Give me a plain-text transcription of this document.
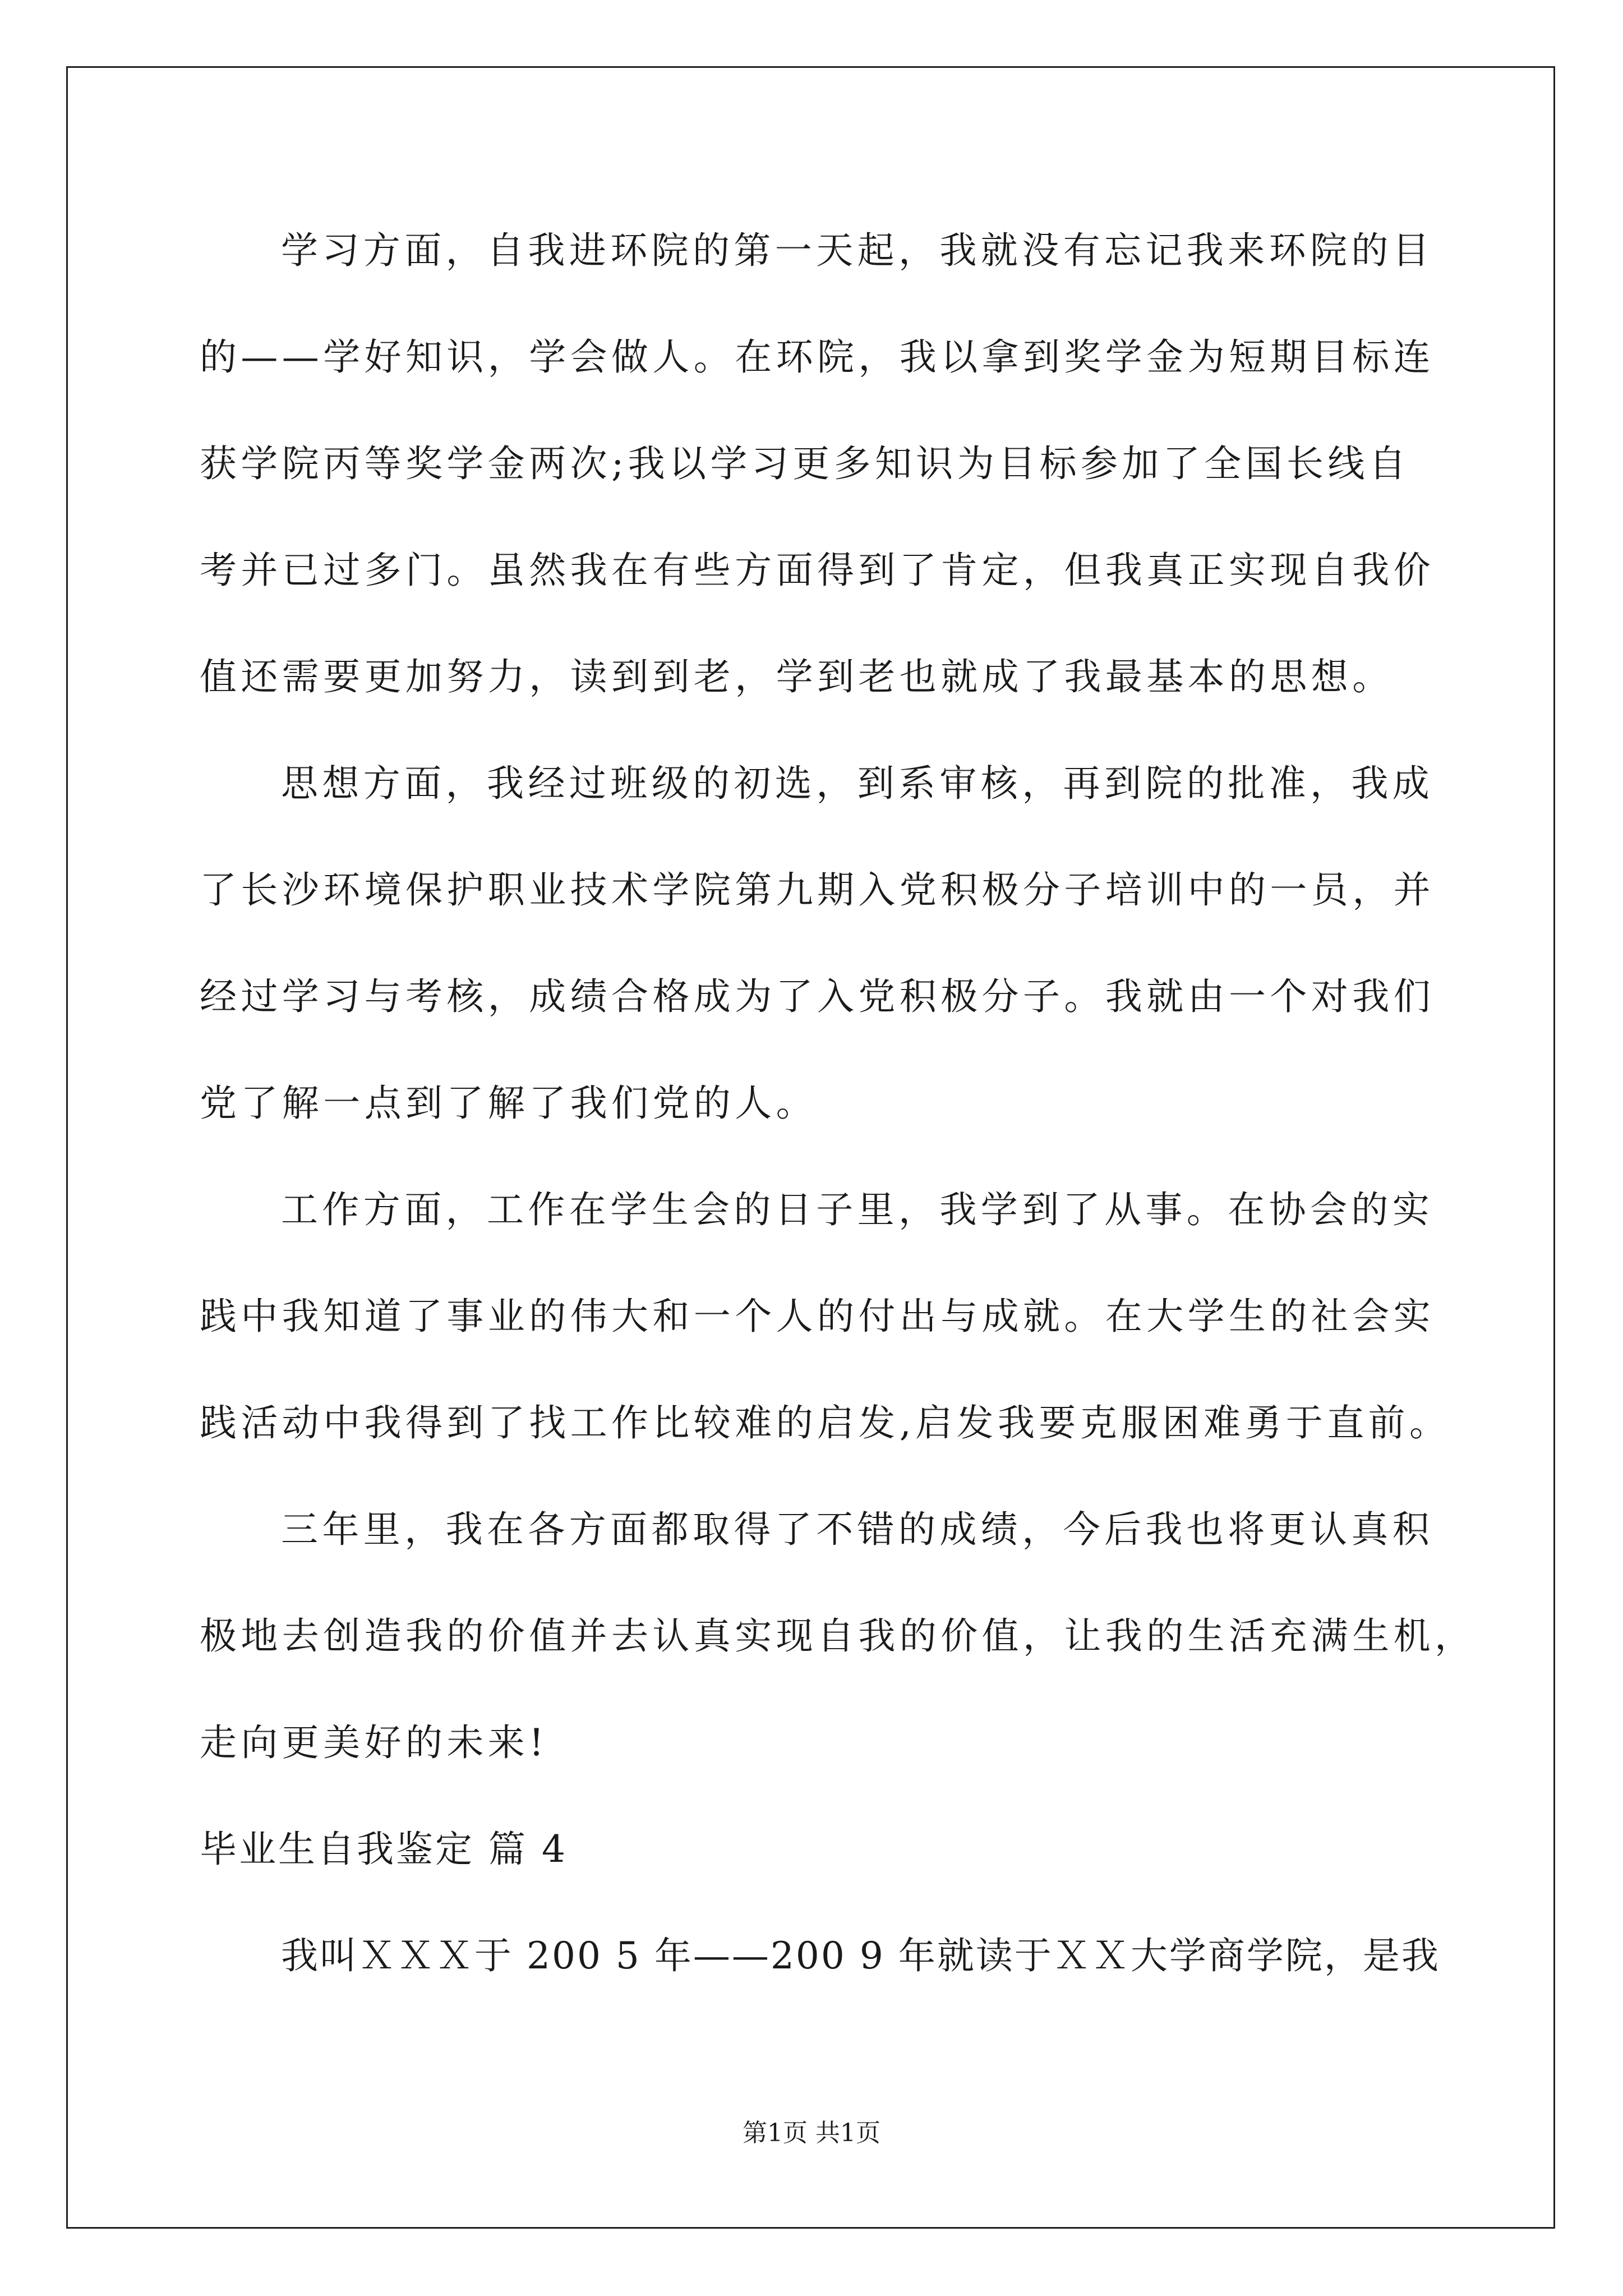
学习方面，自我进环院的第一天起，我就没有忘记我来环院的目
的——学好知识，学会做人。在环院，我以拿到奖学金为短期目标连
获学院丙等奖学金两次;我以学习更多知识为目标参加了全国长线自
考并已过多门。虽然我在有些方面得到了肯定，但我真正实现自我价
值还需要更加努力，读到到老，学到老也就成了我最基本的思想。
思想方面，我经过班级的初选，到系审核，再到院的批准，我成
了长沙环境保护职业技术学院第九期入党积极分子培训中的一员，并
经过学习与考核，成绩合格成为了入党积极分子。我就由一个对我们
党了解一点到了解了我们党的人。
工作方面，工作在学生会的日子里，我学到了从事。在协会的实
践中我知道了事业的伟大和一个人的付出与成就。在大学生的社会实
践活动中我得到了找工作比较难的启发,启发我要克服困难勇于直前。
三年里，我在各方面都取得了不错的成绩，今后我也将更认真积
极地去创造我的价值并去认真实现自我的价值，让我的生活充满生机，
走向更美好的未来!
毕业生自我鉴定 篇 4
我叫ＸＸＸ于 200 5 年——200 9 年就读于ＸＸ大学商学院，是我
第1页 共1页
